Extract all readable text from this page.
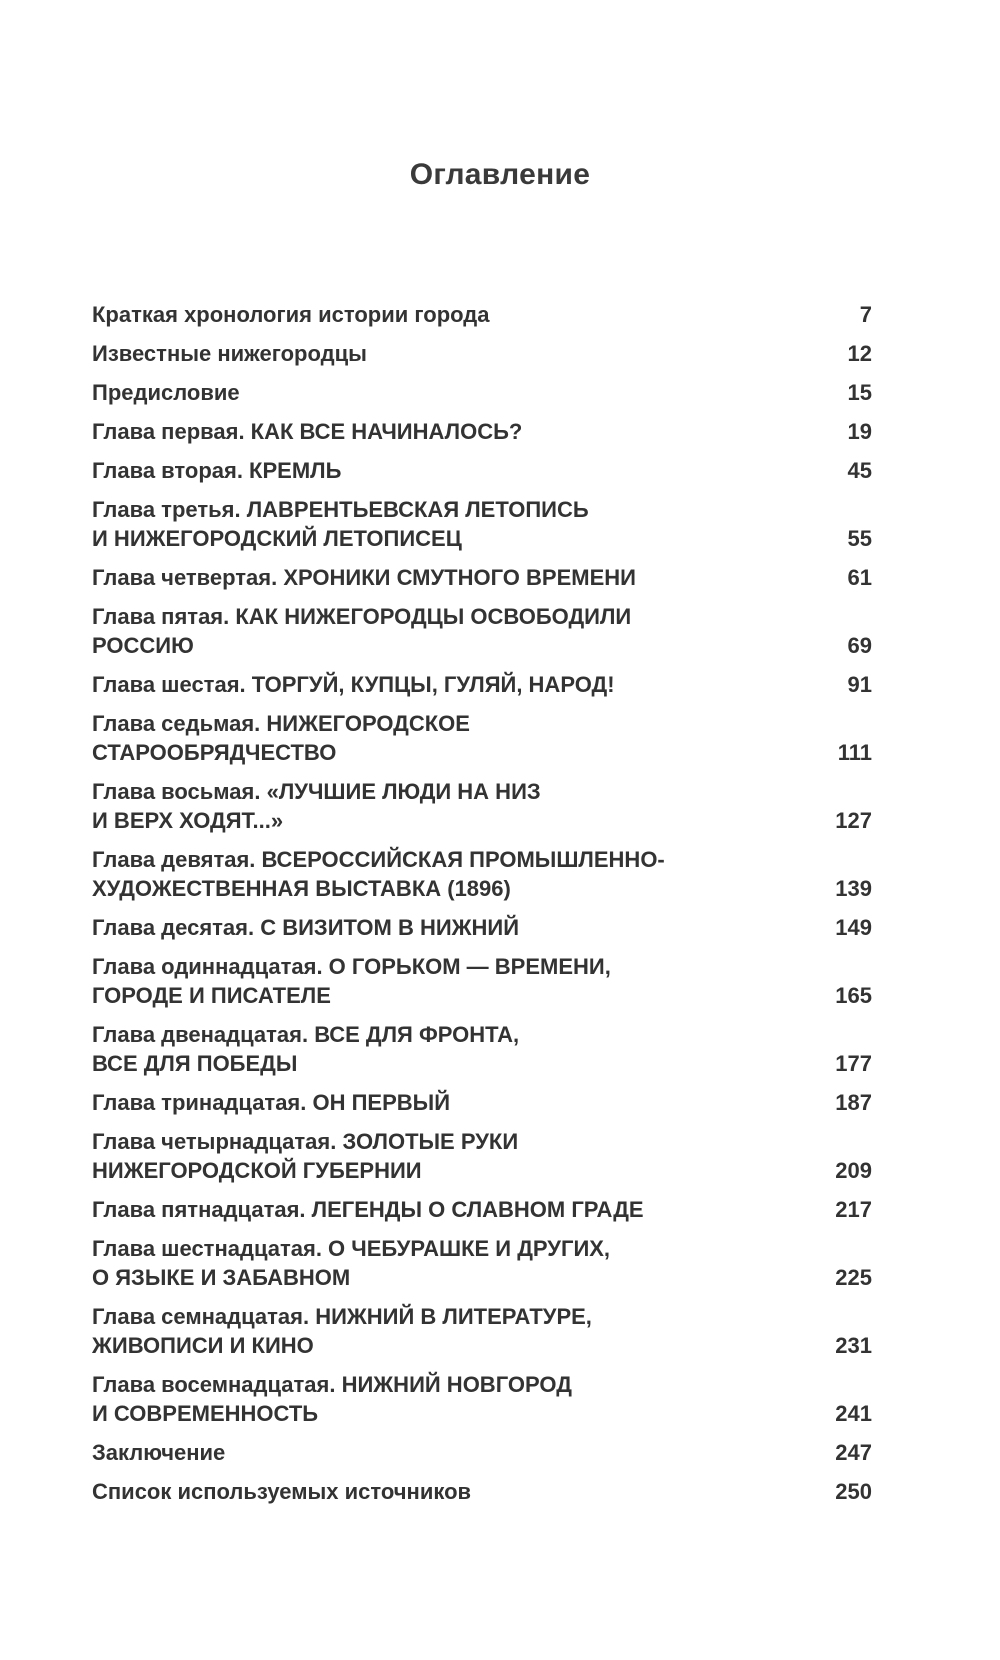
Оглавление
Краткая хронология истории города	7
Известные нижегородцы	12
Предисловие	15
Глава первая. КАК ВСЕ НАЧИНАЛОСЬ?	19
Глава вторая. КРЕМЛЬ	45
Глава третья. ЛАВРЕНТЬЕВСКАЯ ЛЕТОПИСЬ
И НИЖЕГОРОДСКИЙ ЛЕТОПИСЕЦ	55
Глава четвертая. ХРОНИКИ СМУТНОГО ВРЕМЕНИ	61
Глава пятая. КАК НИЖЕГОРОДЦЫ ОСВОБОДИЛИ
РОССИЮ	69
Глава шестая. ТОРГУЙ, КУПЦЫ, ГУЛЯЙ, НАРОД!	91
Глава седьмая. НИЖЕГОРОДСКОЕ
СТАРООБРЯДЧЕСТВО	111
Глава восьмая. «ЛУЧШИЕ ЛЮДИ НА НИЗ
И ВЕРХ ХОДЯТ...»	127
Глава девятая. ВСЕРОССИЙСКАЯ ПРОМЫШЛЕННО-
ХУДОЖЕСТВЕННАЯ ВЫСТАВКА (1896)	139
Глава десятая. С ВИЗИТОМ В НИЖНИЙ	149
Глава одиннадцатая. О ГОРЬКОМ — ВРЕМЕНИ,
ГОРОДЕ И ПИСАТЕЛЕ	165
Глава двенадцатая. ВСЕ ДЛЯ ФРОНТА,
ВСЕ ДЛЯ ПОБЕДЫ	177
Глава тринадцатая. ОН ПЕРВЫЙ	187
Глава четырнадцатая. ЗОЛОТЫЕ РУКИ
НИЖЕГОРОДСКОЙ ГУБЕРНИИ	209
Глава пятнадцатая. ЛЕГЕНДЫ О СЛАВНОМ ГРАДЕ	217
Глава шестнадцатая. О ЧЕБУРАШКЕ И ДРУГИХ,
О ЯЗЫКЕ И ЗАБАВНОМ	225
Глава семнадцатая. НИЖНИЙ В ЛИТЕРАТУРЕ,
ЖИВОПИСИ И КИНО	231
Глава восемнадцатая. НИЖНИЙ НОВГОРОД
И СОВРЕМЕННОСТЬ	241
Заключение	247
Список используемых источников	250
